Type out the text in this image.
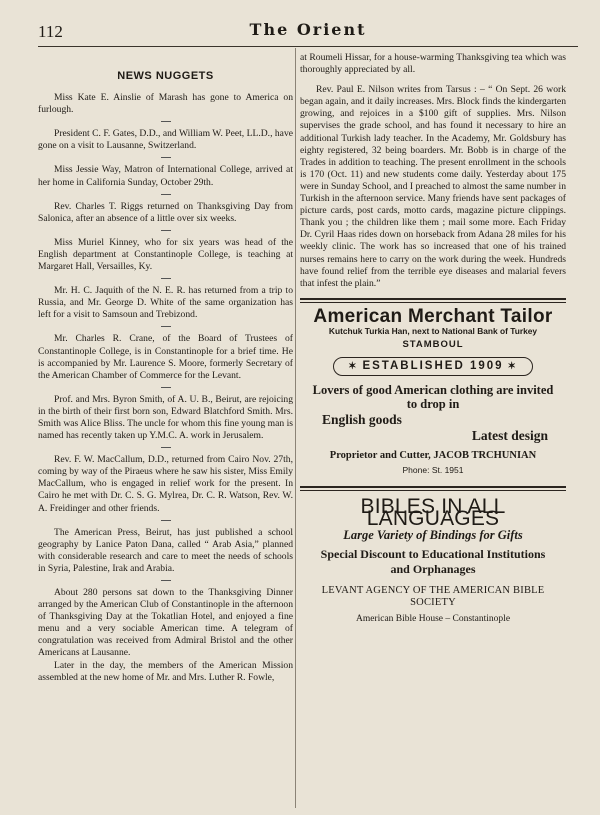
112	The Orient
NEWS NUGGETS

Miss Kate E. Ainslie of Marash has gone to America on furlough.

President C. F. Gates, D.D., and William W. Peet, LL.D., have gone on a visit to Lausanne, Switzerland.

Miss Jessie Way, Matron of International College, arrived at her home in California Sunday, October 29th.

Rev. Charles T. Riggs returned on Thanksgiving Day from Salonica, after an absence of a little over six weeks.

Miss Muriel Kinney, who for six years was head of the English department at Constantinople College, is teaching at Margaret Hall, Versailles, Ky.

Mr. H. C. Jaquith of the N. E. R. has returned from a trip to Russia, and Mr. George D. White of the same organization has left for a visit to Samsoun and Trebizond.

Mr. Charles R. Crane, of the Board of Trustees of Constantinople College, is in Constantinople for a brief time. He is accompanied by Mr. Laurence S. Moore, formerly Secretary of the American Chamber of Commerce for the Levant.

Prof. and Mrs. Byron Smith, of A. U. B., Beirut, are rejoicing in the birth of their first born son, Edward Blatchford Smith. Mrs. Smith was Alice Bliss. The uncle for whom this fine young man is named has recently taken up Y.M.C. A. work in Jerusalem.

Rev. F. W. MacCallum, D.D., returned from Cairo Nov. 27th, coming by way of the Piraeus where he saw his sister, Miss Emily MacCallum, who is engaged in relief work for the present. In Cairo he met with Dr. C. S. G. Mylrea, Dr. C. R. Watson, Rev. W. A. Freidinger and other friends.

The American Press, Beirut, has just published a school geography by Lanice Paton Dana, called “ Arab Asia,” planned with considerable research and care to meet the needs of schools in Syria, Palestine, Irak and Arabia.

About 280 persons sat down to the Thanksgiving Dinner arranged by the American Club of Constantinople in the afternoon of Thanksgiving Day at the Tokatlian Hotel, and enjoyed a fine menu and a very sociable American time. A telegram of congratulation was received from Admiral Bristol and the other Americans at Lausanne.

Later in the day, the members of the American Mission assembled at the new home of Mr. and Mrs. Luther R. Fowle,

at Roumeli Hissar, for a house-warming Thanksgiving tea which was thoroughly appreciated by all.

Rev. Paul E. Nilson writes from Tarsus : – “ On Sept. 26 work began again, and it daily increases. Mrs. Block finds the kindergarten growing, and rejoices in a $100 gift of supplies. Mrs. Nilson supervises the grade school, and has found it necessary to hire an additional Turkish lady teacher. In the Academy, Mr. Goldsbury has eighty registered, 32 being boarders. Mr. Bobb is in charge of the Trades in addition to teaching. The present enrollment in the schools is 170 (Oct. 11) and new students come daily. Yesterday about 175 were in Sunday School, and I preached to almost the same number in Turkish in the afternoon service. Many friends have sent packages of picture cards, post cards, motto cards, magazine picture clippings. Thank you ; the children like them ; mail some more. Each Friday Dr. Cyril Haas rides down on horseback from Adana 28 miles for his weekly clinic. The work has so increased that one of his trained nurses remains here to carry on the work during the week. Hundreds have found relief from the terrible eye diseases and malarial fevers that infest the plain.”

American Merchant Tailor
Kutchuk Turkia Han, next to National Bank of Turkey
STAMBOUL
✶ ESTABLISHED 1909 ✶
Lovers of good American clothing are invited
to drop in
English goods
Latest design
Proprietor and Cutter, JACOB TRCHUNIAN
Phone: St. 1951
BIBLES IN ALL LANGUAGES
Large Variety of Bindings for Gifts
Special Discount to Educational Institutions
and Orphanages
LEVANT AGENCY OF THE AMERICAN BIBLE SOCIETY
American Bible House – Constantinople
